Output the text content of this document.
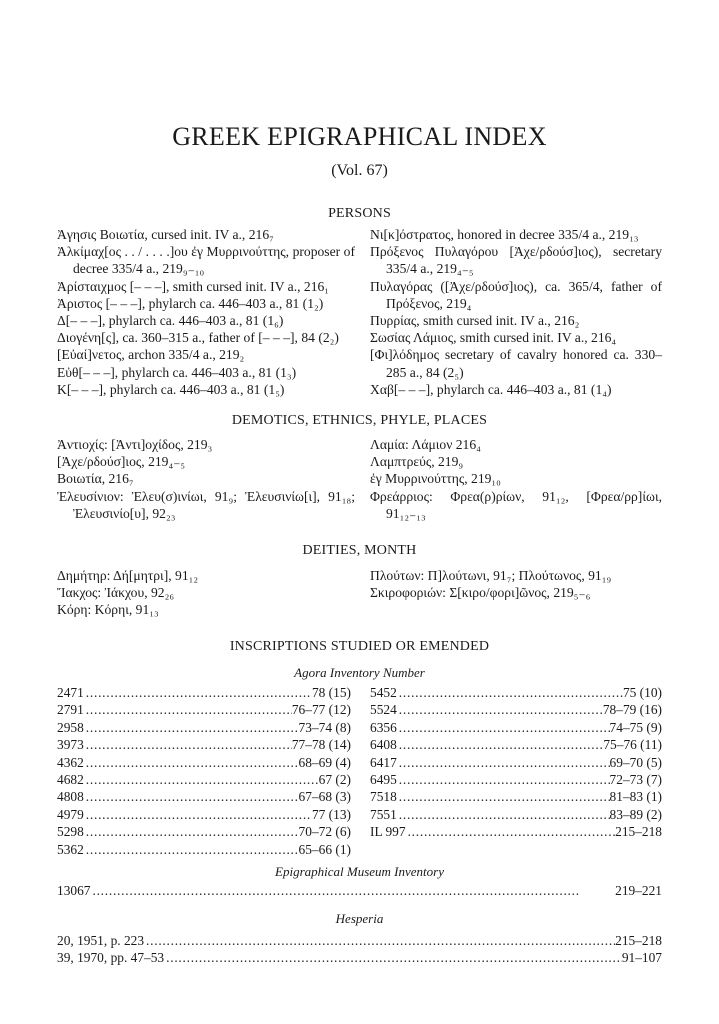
GREEK EPIGRAPHICAL INDEX
(Vol. 67)
PERSONS
Ἀγησις Βοιωτία, cursed init. IV a., 216₇
Ἀλκίμαχ[ος . . / . . . .]ου ἐγ Μυρρινούττης, proposer of decree 335/4 a., 219₉₋₁₀
Ἀρίσταιχμος [– – –], smith cursed init. IV a., 216₁
Ἀριστος [– – –], phylarch ca. 446–403 a., 81 (1₂)
Δ[– – –], phylarch ca. 446–403 a., 81 (1₆)
Διογένη[ς], ca. 360–315 a., father of [– – –], 84 (2₂)
[Εὐαί]νετος, archon 335/4 a., 219₂
Εὐθ[– – –], phylarch ca. 446–403 a., 81 (1₃)
Κ[– – –], phylarch ca. 446–403 a., 81 (1₅)
Νι[κ]όστρατος, honored in decree 335/4 a., 219₁₃
Πρόξενος Πυλαγόρου [Ἀχε/ρδούσ]ιος), secretary 335/4 a., 219₄₋₅
Πυλαγόρας ([Ἀχε/ρδούσ]ιος), ca. 365/4, father of Πρόξενος, 219₄
Πυρρίας, smith cursed init. IV a., 216₂
Σωσίας Λάμιος, smith cursed init. IV a., 216₄
[Φι]λόδημος secretary of cavalry honored ca. 330–285 a., 84 (2₅)
Χαβ[– – –], phylarch ca. 446–403 a., 81 (1₄)
DEMOTICS, ETHNICS, PHYLE, PLACES
Ἀντιοχίς: [Ἀντι]οχίδος, 219₃
[Ἀχε/ρδούσ]ιος, 219₄₋₅
Βοιωτία, 216₇
Ἐλευσίνιον: Ἐλευ(σ)ινίωι, 91₉; Ἐλευσινίω[ι], 91₁₈; Ἐλευσινίο[υ], 92₂₃
Λαμία: Λάμιον 216₄
Λαμπτρεύς, 219₉
ἐγ Μυρρινούττης, 219₁₀
Φρεάρριος: Φρεα(ρ)ρίων, 91₁₂, [Φρεα/ρρ]ίωι, 91₁₂₋₁₃
DEITIES, MONTH
Δημήτηρ: Δή[μητρι], 91₁₂
Ἴακχος: Ἰάκχου, 92₂₆
Κόρη: Κόρηι, 91₁₃
Πλούτων: Π]λούτωνι, 91₇; Πλούτωνος, 91₁₉
Σκιροφοριών: Σ[κιρο/φορι]ῶνος, 219₅₋₆
INSCRIPTIONS STUDIED OR EMENDED
Agora Inventory Number
2471 . . .	78 (15)
2791 . . .	76–77 (12)
2958 . . .	73–74 (8)
3973 . . .	77–78 (14)
4362 . . .	68–69 (4)
4682 . . .	67 (2)
4808 . . .	67–68 (3)
4979 . . .	77 (13)
5298 . . .	70–72 (6)
5362 . . .	65–66 (1)
5452 . . .	75 (10)
5524 . . .	78–79 (16)
6356 . . .	74–75 (9)
6408 . . .	75–76 (11)
6417 . . .	69–70 (5)
6495 . . .	72–73 (7)
7518 . . .	81–83 (1)
7551 . . .	83–89 (2)
IL 997 . . .	215–218
Epigraphical Museum Inventory
13067 . . .	219–221
Hesperia
20, 1951, p. 223 . . .	215–218
39, 1970, pp. 47–53 . . .	91–107
